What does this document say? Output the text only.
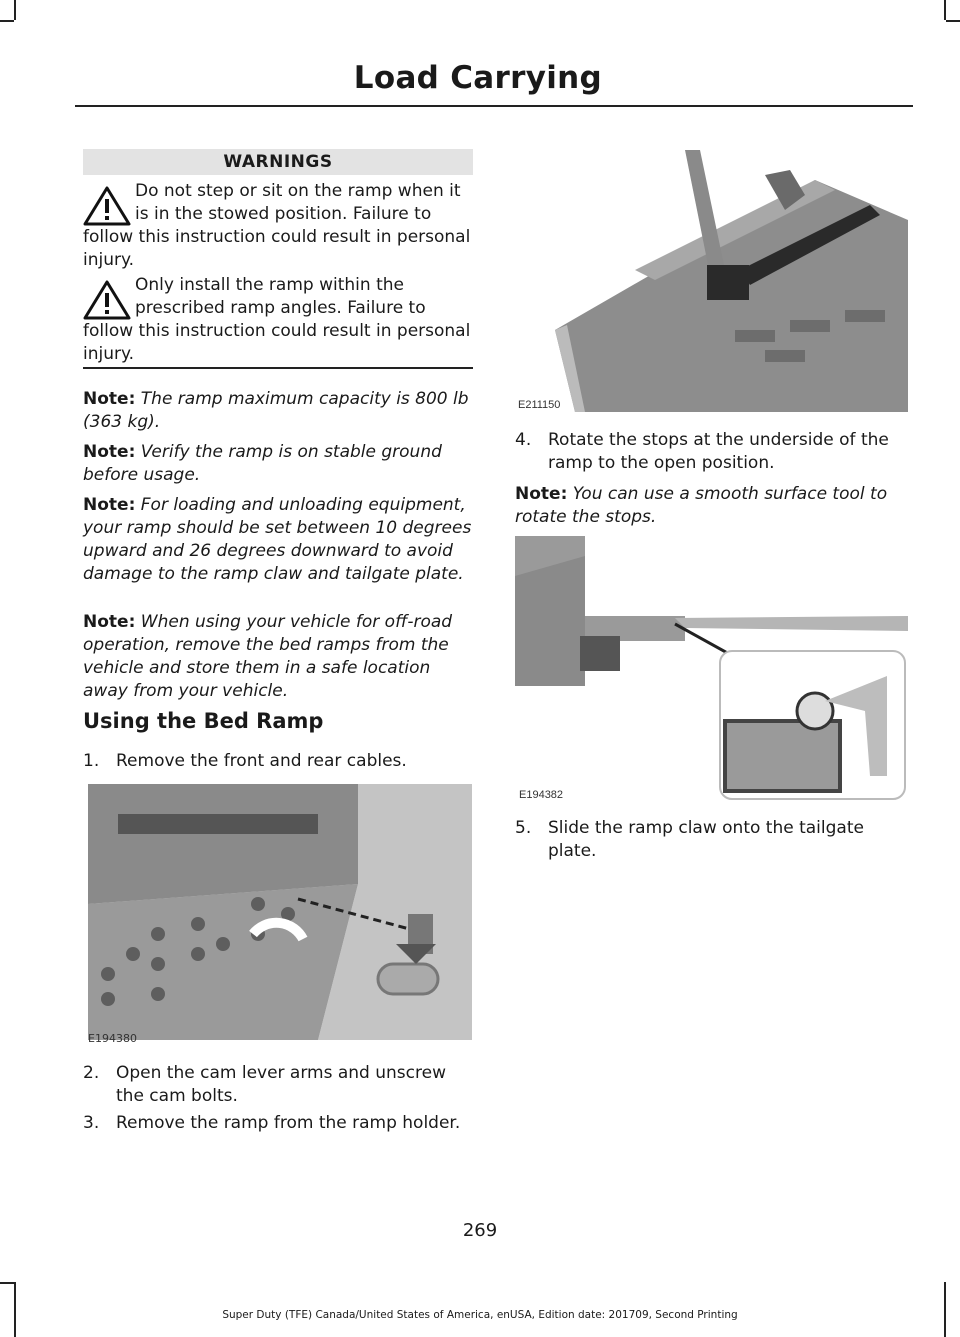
Load Carrying
WARNINGS
Do not step or sit on the ramp when it is in the stowed position. Failure to follow this instruction could result in personal injury.
Only install the ramp within the prescribed ramp angles. Failure to follow this instruction could result in personal injury.
Note: The ramp maximum capacity is 800 lb (363 kg).
Note: Verify the ramp is on stable ground before usage.
Note: For loading and unloading equipment, your ramp should be set between 10 degrees upward and 26 degrees downward to avoid damage to the ramp claw and tailgate plate.
Note: When using your vehicle for off-road operation, remove the bed ramps from the vehicle and store them in a safe location away from your vehicle.
Using the Bed Ramp
1. Remove the front and rear cables.
E194380
2. Open the cam lever arms and unscrew the cam bolts.
3. Remove the ramp from the ramp holder.
E211150
4. Rotate the stops at the underside of the ramp to the open position.
Note: You can use a smooth surface tool to rotate the stops.
E194382
5. Slide the ramp claw onto the tailgate plate.
269
Super Duty (TFE) Canada/United States of America, enUSA, Edition date: 201709, Second Printing
